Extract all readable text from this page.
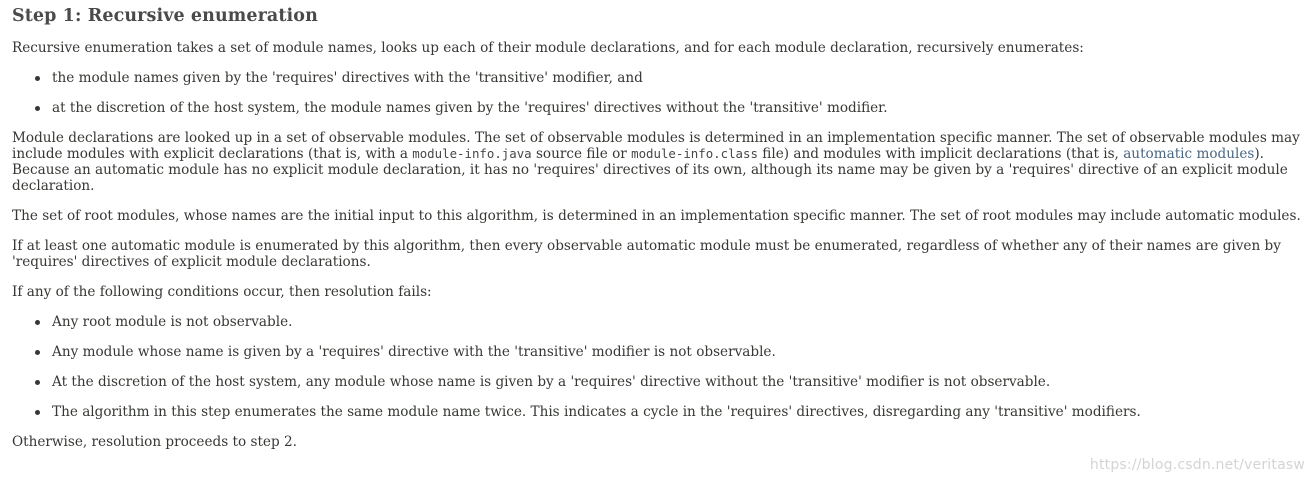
Step 1: Recursive enumeration

Recursive enumeration takes a set of module names, looks up each of their module declarations, and for each module declaration, recursively enumerates:

the module names given by the 'requires' directives with the 'transitive' modifier, and
at the discretion of the host system, the module names given by the 'requires' directives without the 'transitive' modifier.

Module declarations are looked up in a set of observable modules. The set of observable modules is determined in an implementation specific manner. The set of observable modules may include modules with explicit declarations (that is, with a module-info.java source file or module-info.class file) and modules with implicit declarations (that is, automatic modules). Because an automatic module has no explicit module declaration, it has no 'requires' directives of its own, although its name may be given by a 'requires' directive of an explicit module declaration.

The set of root modules, whose names are the initial input to this algorithm, is determined in an implementation specific manner. The set of root modules may include automatic modules.

If at least one automatic module is enumerated by this algorithm, then every observable automatic module must be enumerated, regardless of whether any of their names are given by 'requires' directives of explicit module declarations.

If any of the following conditions occur, then resolution fails:

Any root module is not observable.
Any module whose name is given by a 'requires' directive with the 'transitive' modifier is not observable.
At the discretion of the host system, any module whose name is given by a 'requires' directive without the 'transitive' modifier is not observable.
The algorithm in this step enumerates the same module name twice. This indicates a cycle in the 'requires' directives, disregarding any 'transitive' modifiers.

Otherwise, resolution proceeds to step 2.

https://blog.csdn.net/veritasw
